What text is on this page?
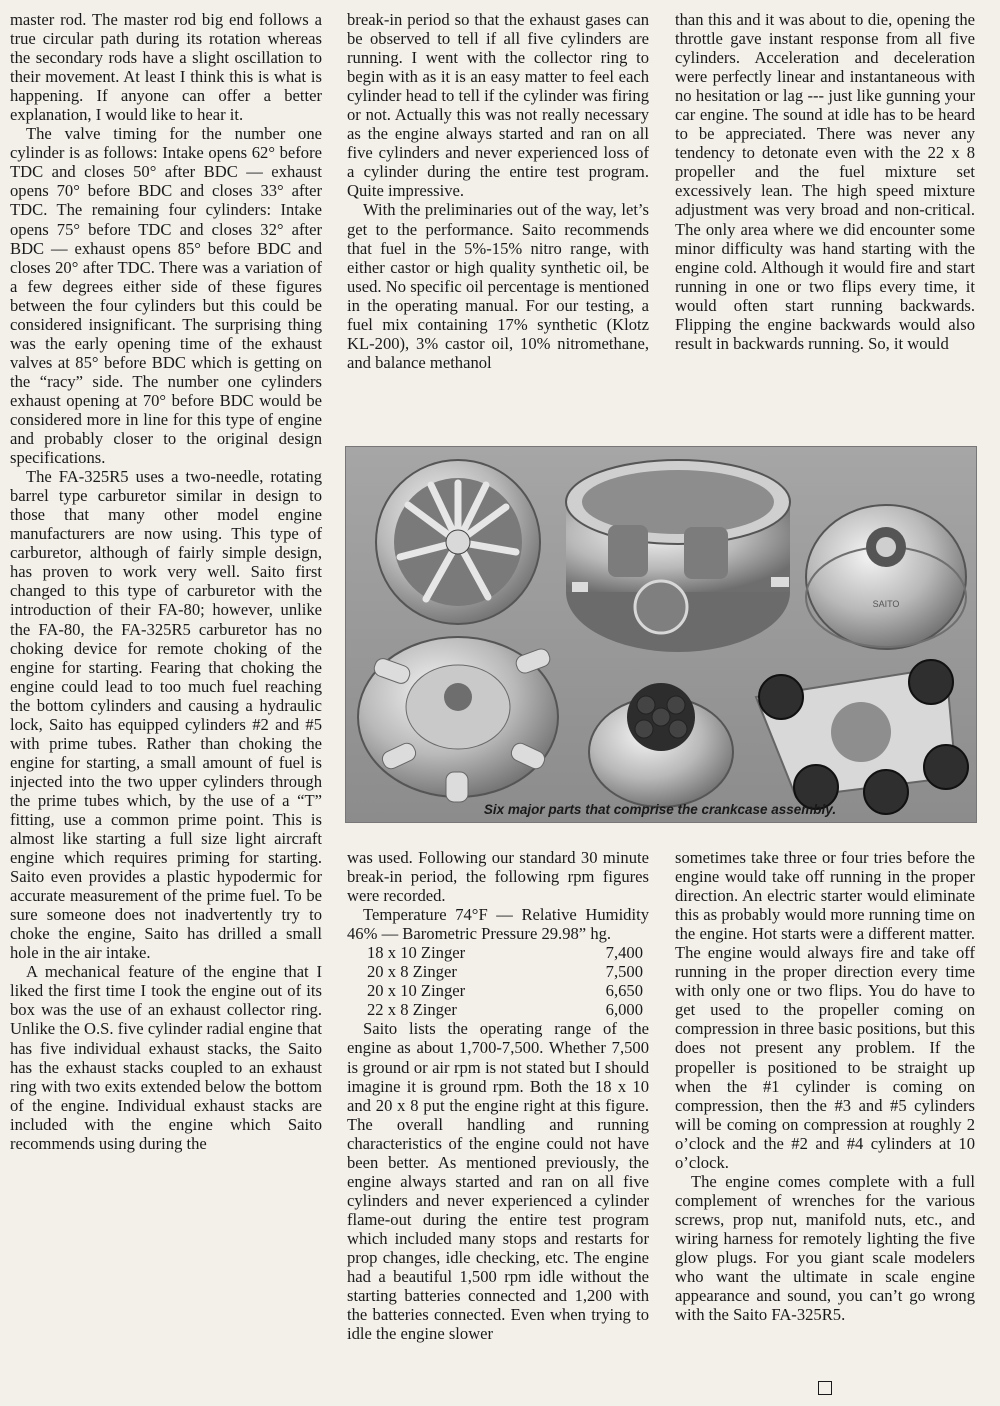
master rod. The master rod big end follows a true circular path during its rotation whereas the secondary rods have a slight oscillation to their movement. At least I think this is what is happening. If anyone can offer a better explanation, I would like to hear it.

The valve timing for the number one cylinder is as follows: Intake opens 62° before TDC and closes 50° after BDC — exhaust opens 70° before BDC and closes 33° after TDC. The remaining four cylinders: Intake opens 75° before TDC and closes 32° after BDC — exhaust opens 85° before BDC and closes 20° after TDC. There was a variation of a few degrees either side of these figures between the four cylinders but this could be considered insignificant. The surprising thing was the early opening time of the exhaust valves at 85° before BDC which is getting on the “racy” side. The number one cylinders exhaust opening at 70° before BDC would be considered more in line for this type of engine and probably closer to the original design specifications.

The FA-325R5 uses a two-needle, rotating barrel type carburetor similar in design to those that many other model engine manufacturers are now using. This type of carburetor, although of fairly simple design, has proven to work very well. Saito first changed to this type of carburetor with the introduction of their FA-80; however, unlike the FA-80, the FA-325R5 carburetor has no choking device for remote choking of the engine for starting. Fearing that choking the engine could lead to too much fuel reaching the bottom cylinders and causing a hydraulic lock, Saito has equipped cylinders #2 and #5 with prime tubes. Rather than choking the engine for starting, a small amount of fuel is injected into the two upper cylinders through the prime tubes which, by the use of a “T” fitting, use a common prime point. This is almost like starting a full size light aircraft engine which requires priming for starting. Saito even provides a plastic hypodermic for accurate measurement of the prime fuel. To be sure someone does not inadvertently try to choke the engine, Saito has drilled a small hole in the air intake.

A mechanical feature of the engine that I liked the first time I took the engine out of its box was the use of an exhaust collector ring. Unlike the O.S. five cylinder radial engine that has five individual exhaust stacks, the Saito has the exhaust stacks coupled to an exhaust ring with two exits extended below the bottom of the engine. Individual exhaust stacks are included with the engine which Saito recommends using during the

break-in period so that the exhaust gases can be observed to tell if all five cylinders are running. I went with the collector ring to begin with as it is an easy matter to feel each cylinder head to tell if the cylinder was firing or not. Actually this was not really necessary as the engine always started and ran on all five cylinders and never experienced loss of a cylinder during the entire test program. Quite impressive.

With the preliminaries out of the way, let’s get to the performance. Saito recommends that fuel in the 5%-15% nitro range, with either castor or high quality synthetic oil, be used. No specific oil percentage is mentioned in the operating manual. For our testing, a fuel mix containing 17% synthetic (Klotz KL-200), 3% castor oil, 10% nitromethane, and balance methanol

than this and it was about to die, opening the throttle gave instant response from all five cylinders. Acceleration and deceleration were perfectly linear and instantaneous with no hesitation or lag --- just like gunning your car engine. The sound at idle has to be heard to be appreciated. There was never any tendency to detonate even with the 22 x 8 propeller and the fuel mixture set excessively lean. The high speed mixture adjustment was very broad and non-critical. The only area where we did encounter some minor difficulty was hand starting with the engine cold. Although it would fire and start running in one or two flips every time, it would often start running backwards. Flipping the engine backwards would also result in backwards running. So, it would

SAITO
Six major parts that comprise the crankcase assembly.

was used. Following our standard 30 minute break-in period, the following rpm figures were recorded.

Temperature 74°F — Relative Humidity 46% — Barometric Pressure 29.98” hg.

18 x 10 Zinger	7,400
20 x 8 Zinger	7,500
20 x 10 Zinger	6,650
22 x 8 Zinger	6,000

Saito lists the operating range of the engine as about 1,700-7,500. Whether 7,500 is ground or air rpm is not stated but I should imagine it is ground rpm. Both the 18 x 10 and 20 x 8 put the engine right at this figure. The overall handling and running characteristics of the engine could not have been better. As mentioned previously, the engine always started and ran on all five cylinders and never experienced a cylinder flame-out during the entire test program which included many stops and restarts for prop changes, idle checking, etc. The engine had a beautiful 1,500 rpm idle without the starting batteries connected and 1,200 with the batteries connected. Even when trying to idle the engine slower

sometimes take three or four tries before the engine would take off running in the proper direction. An electric starter would eliminate this as probably would more running time on the engine. Hot starts were a different matter. The engine would always fire and take off running in the proper direction every time with only one or two flips. You do have to get used to the propeller coming on compression in three basic positions, but this does not present any problem. If the propeller is positioned to be straight up when the #1 cylinder is coming on compression, then the #3 and #5 cylinders will be coming on compression at roughly 2 o’clock and the #2 and #4 cylinders at 10 o’clock.

The engine comes complete with a full complement of wrenches for the various screws, prop nut, manifold nuts, etc., and wiring harness for remotely lighting the five glow plugs. For you giant scale modelers who want the ultimate in scale engine appearance and sound, you can’t go wrong with the Saito FA-325R5.
